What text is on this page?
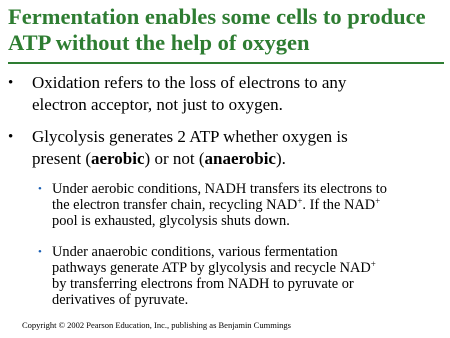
Fermentation enables some cells to produce
ATP without the help of oxygen
• Oxidation refers to the loss of electrons to any
electron acceptor, not just to oxygen.
• Glycolysis generates 2 ATP whether oxygen is
present (aerobic) or not (anaerobic).
• Under aerobic conditions, NADH transfers its electrons to
the electron transfer chain, recycling NAD+. If the NAD+
pool is exhausted, glycolysis shuts down.
• Under anaerobic conditions, various fermentation
pathways generate ATP by glycolysis and recycle NAD+
by transferring electrons from NADH to pyruvate or
derivatives of pyruvate.
Copyright © 2002 Pearson Education, Inc., publishing as Benjamin Cummings
